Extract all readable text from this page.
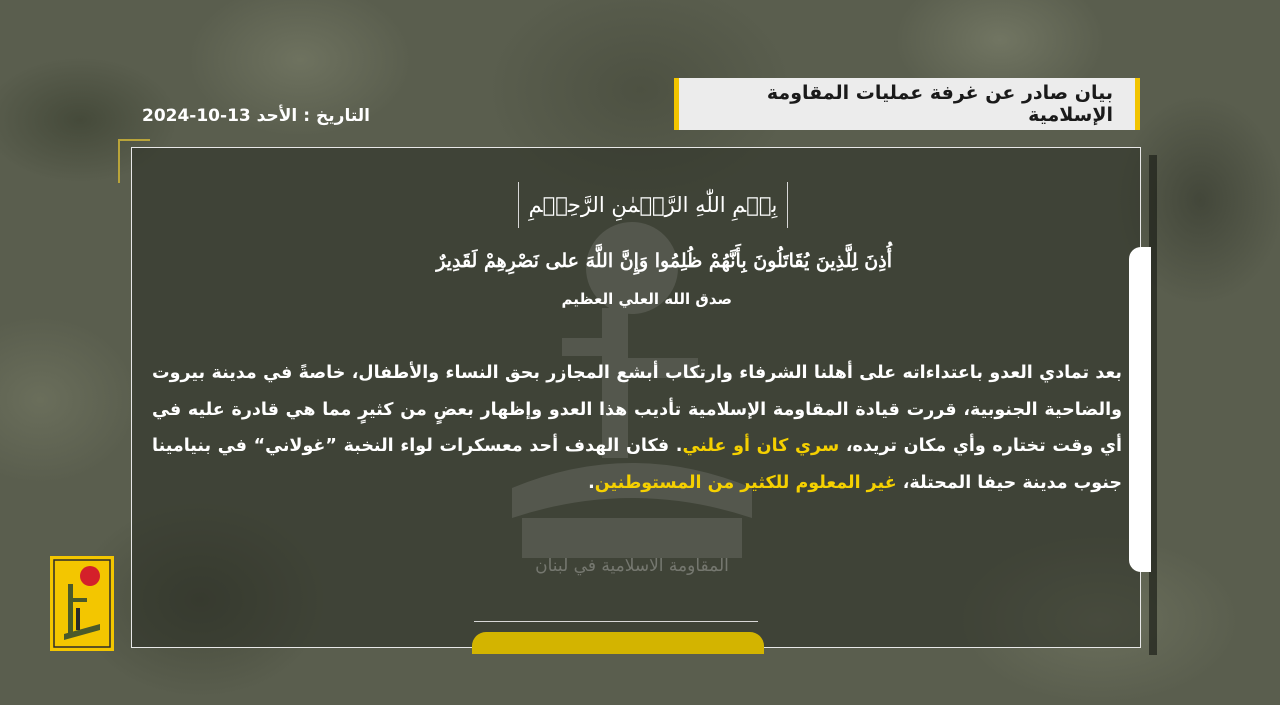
بيان صادر عن غرفة عمليات المقاومة الإسلامية
التاريخ:الأحد 2024-10-13
المقاومة الاسلامية في لبنان
بِسۡمِ اللّٰهِ الرَّحۡمٰنِ الرَّحِيۡمِ
أُذِنَ لِلَّذِينَ يُقَاتَلُونَ بِأَنَّهُمْ ظُلِمُوا وَإِنَّ اللَّهَ على نَصْرِهِمْ لَقَدِيرٌ
صدق الله العلي العظيم
بعد تمادي العدو باعتداءاته على أهلنا الشرفاء وارتكاب أبشع المجازر بحق النساء والأطفال، خاصةً في مدينة بيروت والضاحية الجنوبية، قررت قيادة المقاومة الإسلامية تأديب هذا العدو وإظهار بعضٍ من كثيرٍ مما هي قادرة عليه في أي وقت تختاره وأي مكان تريده، سري كان أو علني. فكان الهدف أحد معسكرات لواء النخبة ”غولاني“ في بنيامينا جنوب مدينة حيفا المحتلة، غير المعلوم للكثير من المستوطنين.
